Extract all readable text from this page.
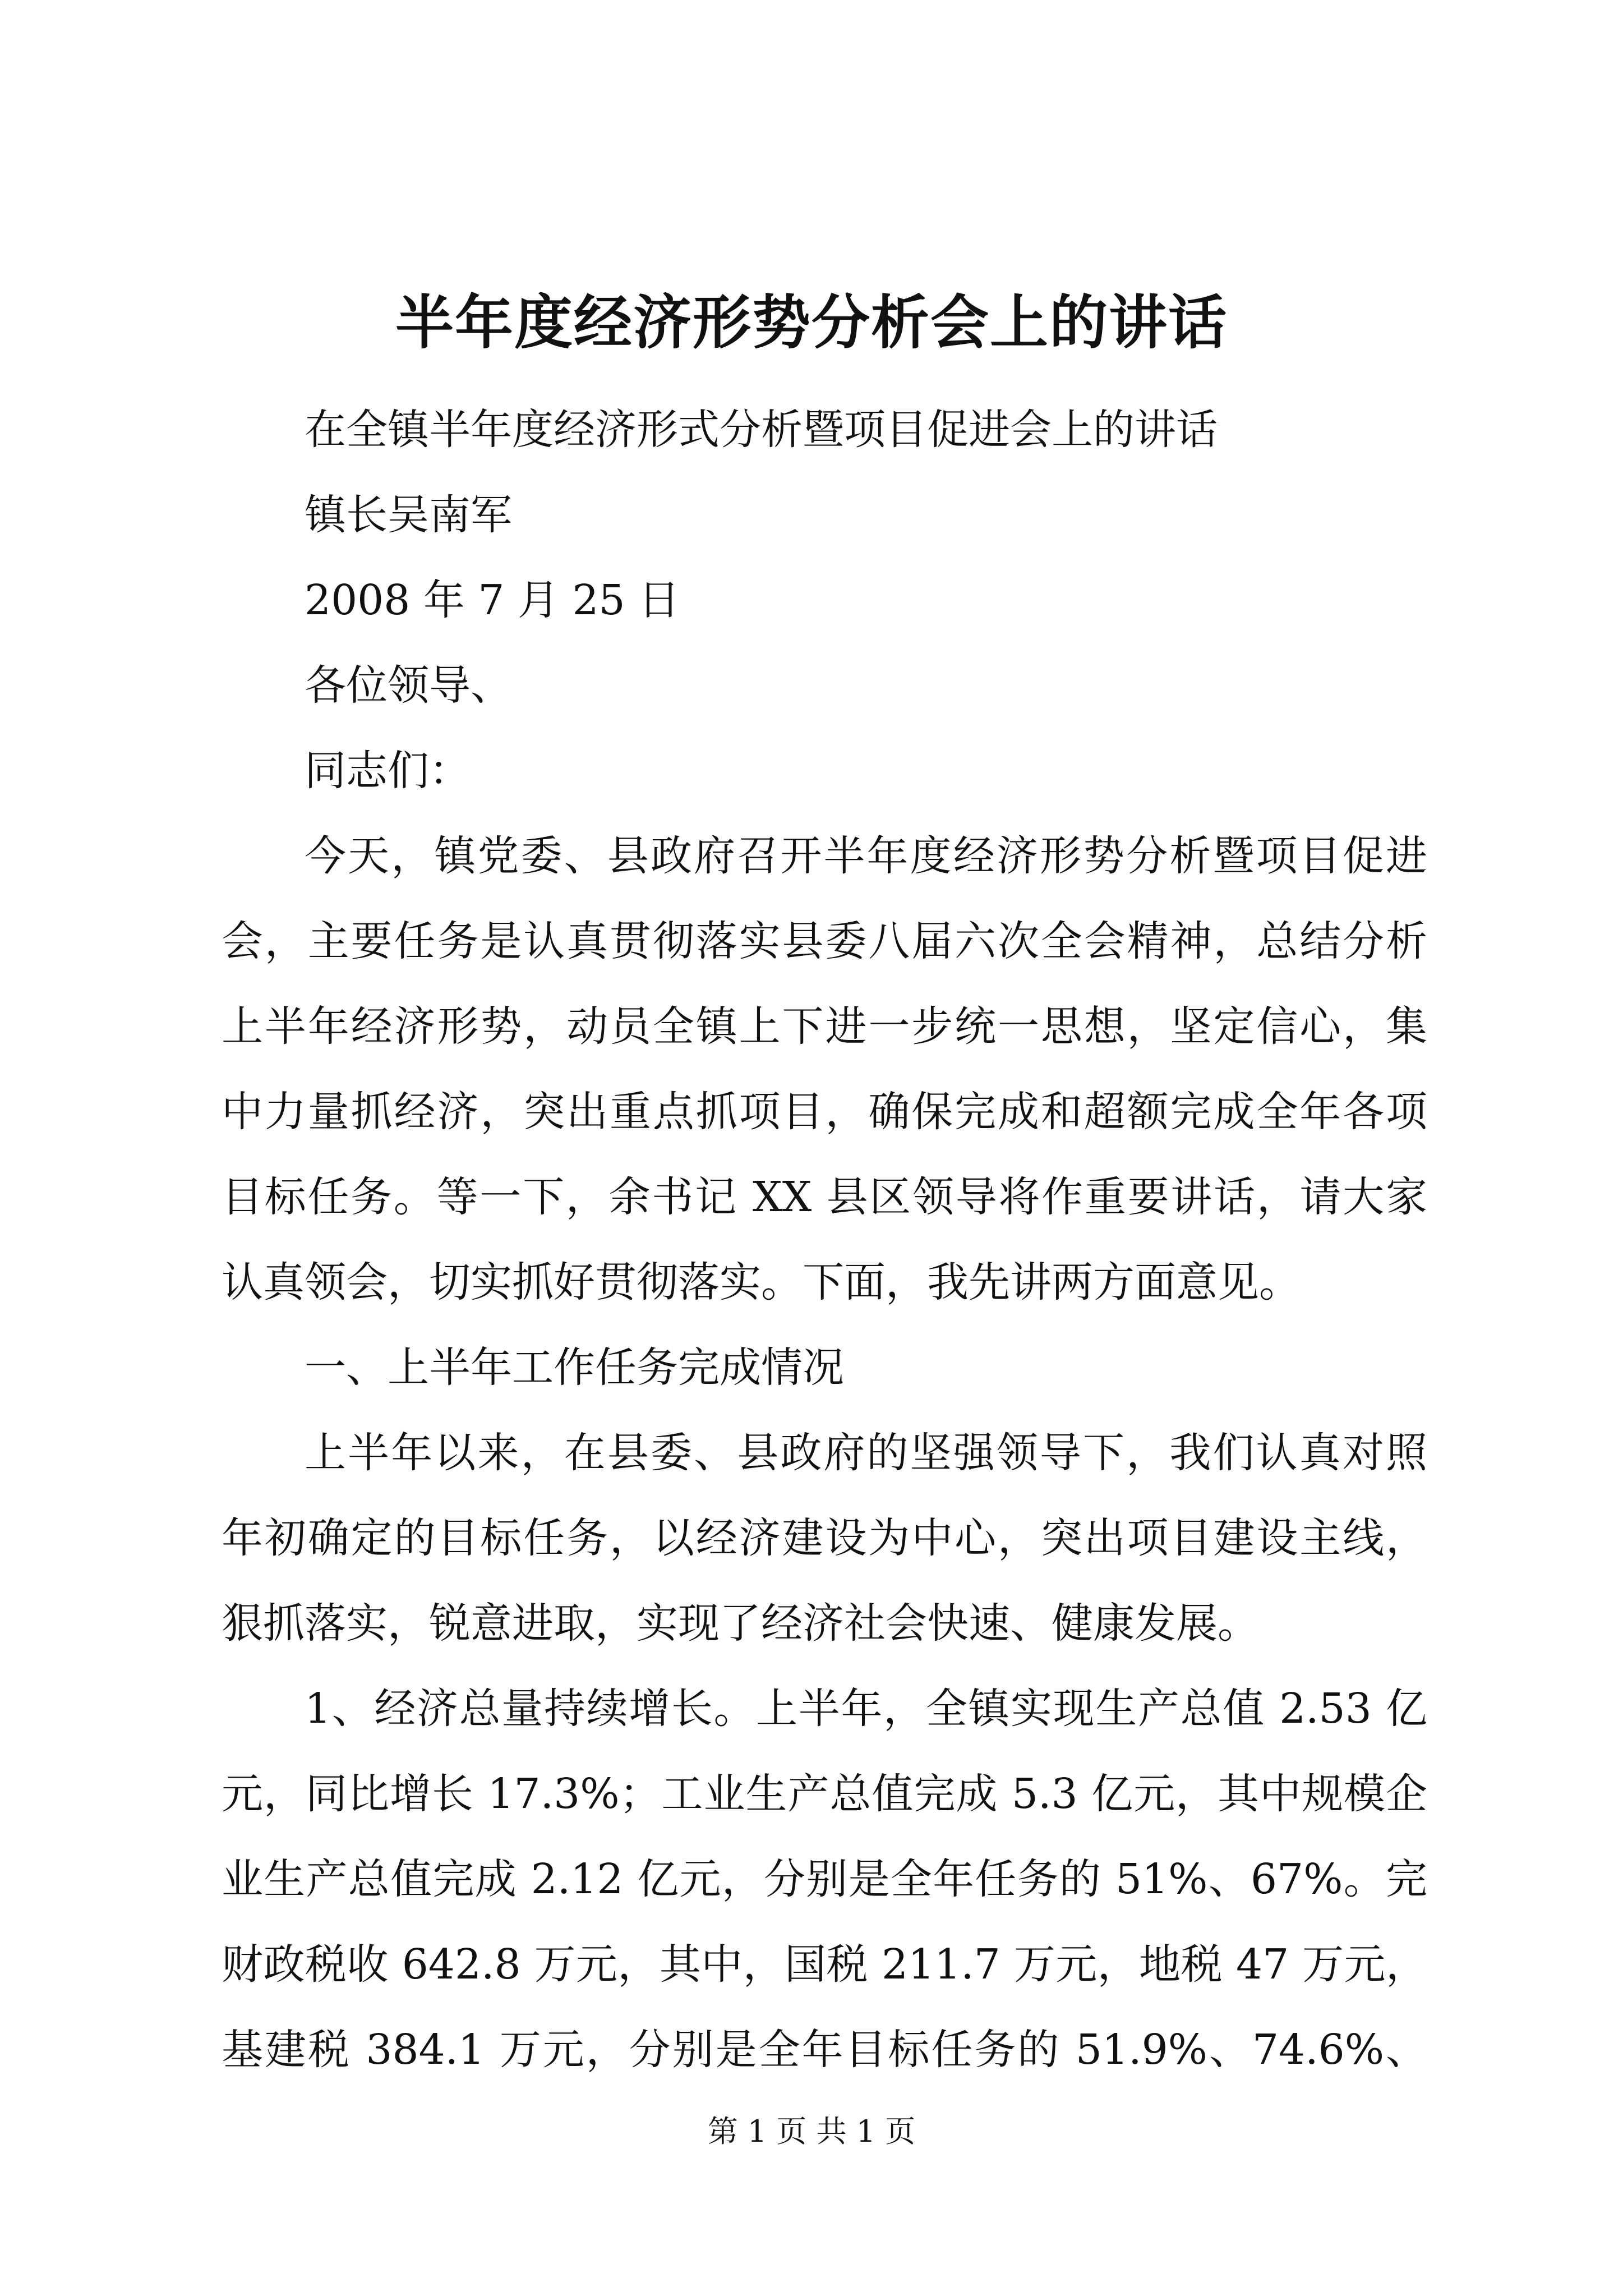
半年度经济形势分析会上的讲话

在全镇半年度经济形式分析暨项目促进会上的讲话

镇长吴南军

2008 年 7 月 25 日

各位领导、

同志们：

今天，镇党委、县政府召开半年度经济形势分析暨项目促进

会，主要任务是认真贯彻落实县委八届六次全会精神，总结分析

上半年经济形势，动员全镇上下进一步统一思想，坚定信心，集

中力量抓经济，突出重点抓项目，确保完成和超额完成全年各项

目标任务。等一下，余书记 XX 县区领导将作重要讲话，请大家

认真领会，切实抓好贯彻落实。下面，我先讲两方面意见。

一、上半年工作任务完成情况

上半年以来，在县委、县政府的坚强领导下，我们认真对照

年初确定的目标任务，以经济建设为中心，突出项目建设主线，

狠抓落实，锐意进取，实现了经济社会快速、健康发展。

1、经济总量持续增长。上半年，全镇实现生产总值 2.53 亿

元，同比增长 17.3%；工业生产总值完成 5.3 亿元，其中规模企

业生产总值完成 2.12 亿元，分别是全年任务的 51%、67%。完

财政税收 642.8 万元，其中，国税 211.7 万元，地税 47 万元，

基建税 384.1 万元，分别是全年目标任务的 51.9%、74.6%、

第 1 页 共 1 页
